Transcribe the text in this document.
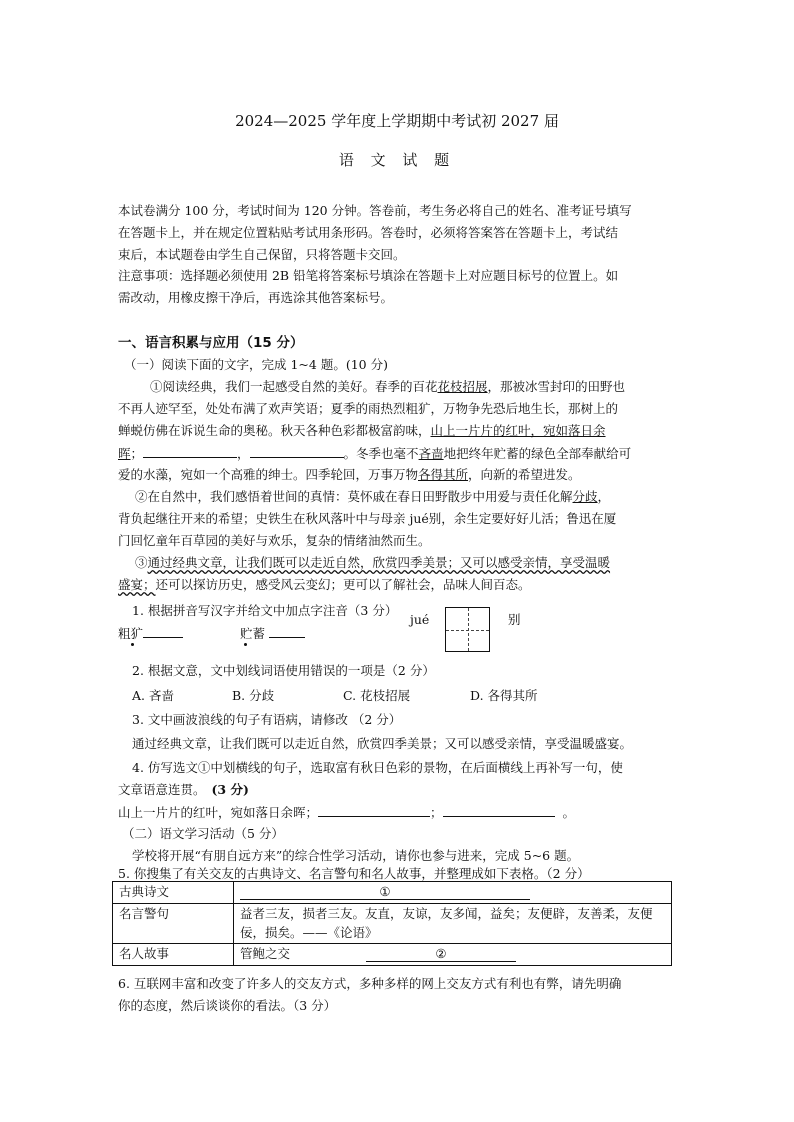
2024—2025 学年度上学期期中考试初 2027 届
语 文 试 题
本试卷满分 100 分，考试时间为 120 分钟。答卷前，考生务必将自己的姓名、准考证号填写
在答题卡上，并在规定位置粘贴考试用条形码。答卷时，必须将答案答在答题卡上，考试结
束后，本试题卷由学生自己保留，只将答题卡交回。
注意事项：选择题必须使用 2B 铅笔将答案标号填涂在答题卡上对应题目标号的位置上。如
需改动，用橡皮擦干净后，再选涂其他答案标号。
一、语言积累与应用（15 分）
（一）阅读下面的文字，完成 1~4 题。(10 分)
①阅读经典，我们一起感受自然的美好。春季的百花花枝招展，那被冰雪封印的田野也
不再人迹罕至，处处布满了欢声笑语；夏季的雨热烈粗犷，万物争先恐后地生长，那树上的
蝉蜕仿佛在诉说生命的奥秘。秋天各种色彩都极富韵味，山上一片片的红叶，宛如落日余
晖；	，	。冬季也毫不吝啬地把终年贮蓄的绿色全部奉献给可
爱的水藻，宛如一个高雅的绅士。四季轮回，万事万物各得其所，向新的希望进发。
②在自然中，我们感悟着世间的真情：莫怀戚在春日田野散步中用爱与责任化解分歧，
背负起继往开来的希望；史铁生在秋风落叶中与母亲 jué别，余生定要好好儿活；鲁迅在厦
门回忆童年百草园的美好与欢乐，复杂的情绪油然而生。
③通过经典文章，让我们既可以走近自然，欣赏四季美景；又可以感受亲情，享受温暖
盛宴；还可以探访历史，感受风云变幻；更可以了解社会，品味人间百态。
1. 根据拼音写汉字并给文中加点字注音（3 分）
粗犷	贮蓄
jué	别
2. 根据文意，文中划线词语使用错误的一项是（2 分）
A. 吝啬	B. 分歧	C. 花枝招展	D. 各得其所
3. 文中画波浪线的句子有语病，请修改 （2 分）
通过经典文章，让我们既可以走近自然，欣赏四季美景；又可以感受亲情，享受温暖盛宴。
4. 仿写选文①中划横线的句子，选取富有秋日色彩的景物，在后面横线上再补写一句，使
文章语意连贯。 (3 分)
山上一片片的红叶，宛如落日余晖；	；	。
（二）语文学习活动（5 分）
学校将开展“有朋自远方来”的综合性学习活动，请你也参与进来，完成 5~6 题。
5. 你搜集了有关交友的古典诗文、名言警句和名人故事，并整理成如下表格。（2 分）
古典诗文	①
名言警句	益者三友，损者三友。友直，友谅，友多闻，益矣；友便辟，友善柔，友便佞，损矣。——《论语》
名人故事	管鲍之交 ②
6. 互联网丰富和改变了许多人的交友方式，多种多样的网上交友方式有利也有弊，请先明确
你的态度，然后谈谈你的看法。（3 分）
